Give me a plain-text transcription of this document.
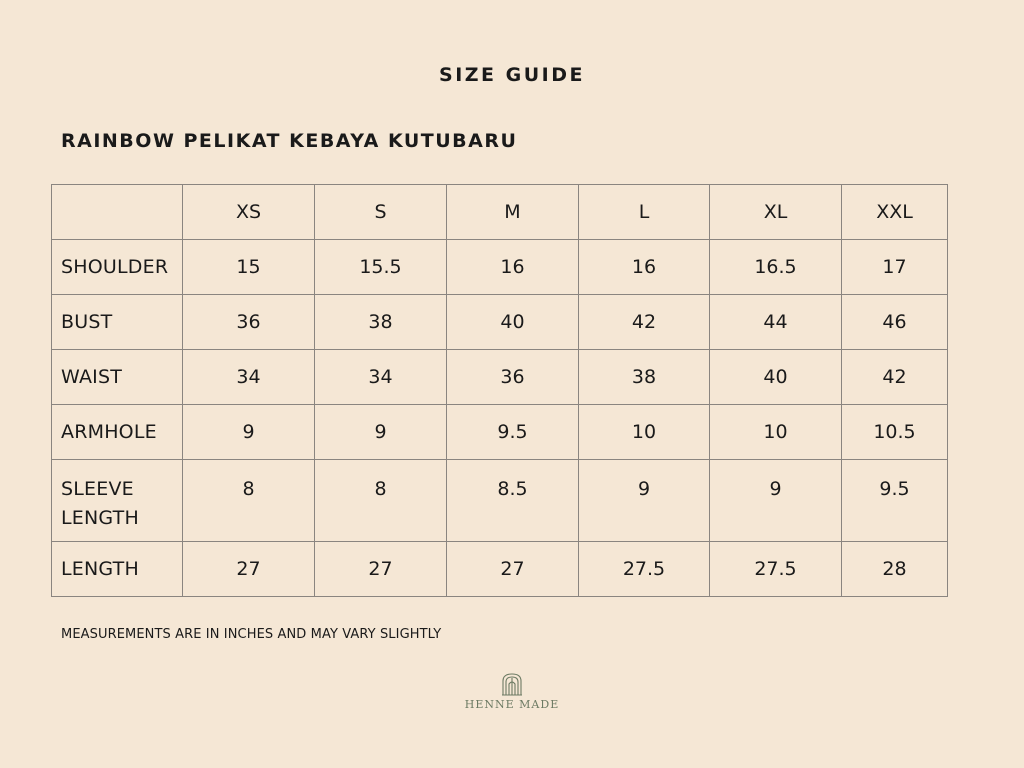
SIZE GUIDE
RAINBOW PELIKAT KEBAYA KUTUBARU
	XS	S	M	L	XL	XXL
SHOULDER	15	15.5	16	16	16.5	17
BUST	36	38	40	42	44	46
WAIST	34	34	36	38	40	42
ARMHOLE	9	9	9.5	10	10	10.5
SLEEVE LENGTH	8	8	8.5	9	9	9.5
LENGTH	27	27	27	27.5	27.5	28
MEASUREMENTS ARE IN INCHES AND MAY VARY SLIGHTLY
HENNE MADE
